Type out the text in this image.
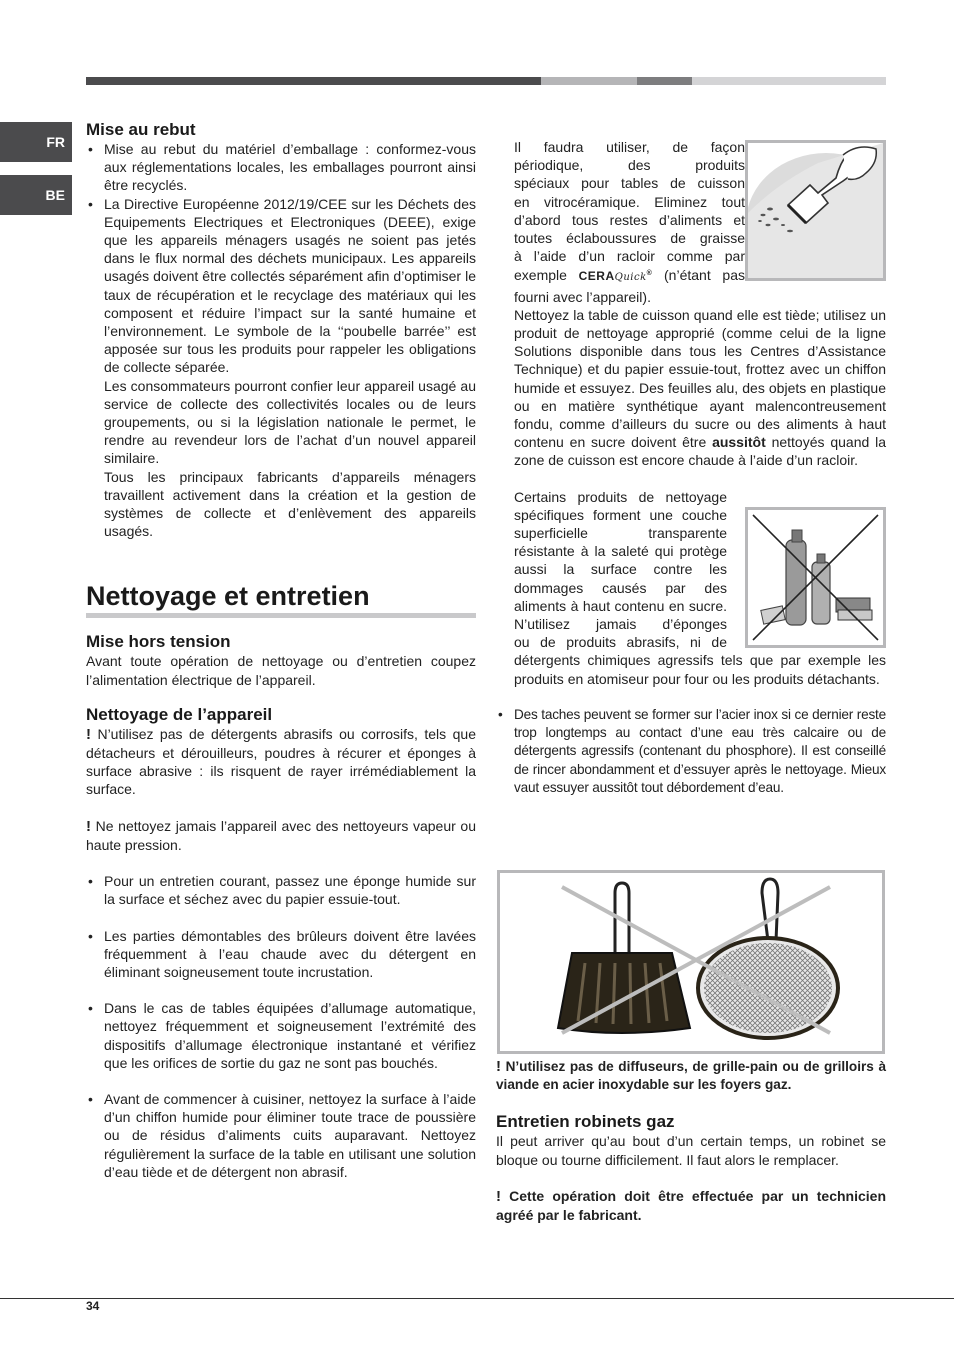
FR
BE
Mise au rebut
• Mise au rebut du matériel d’emballage : conformez-vous aux réglementations locales, les emballages pourront ainsi être recyclés.
• La Directive Européenne 2012/19/CEE sur les Déchets des Equipements Electriques et Electroniques (DEEE), exige que les appareils ménagers usagés ne soient pas jetés dans le flux normal des déchets municipaux. Les appareils usagés doivent être collectés séparément afin d’optimiser le taux de récupération et le recyclage des matériaux qui les composent et réduire l’impact sur la santé humaine et l’environnement. Le symbole de la ‘‘poubelle barrée’’ est apposée sur tous les produits pour rappeler les obligations de collecte séparée.
Les consommateurs pourront confier leur appareil usagé au service de collecte des collectivités locales ou de leurs groupements, ou si la législation nationale le permet, le rendre au revendeur lors de l’achat d’un nouvel appareil similaire.
Tous les principaux fabricants d’appareils ménagers travaillent activement dans la création et la gestion de systèmes de collecte et d’enlèvement des appareils usagés.
Nettoyage et entretien
Mise hors tension

Avant toute opération de nettoyage ou d’entretien coupez l’alimentation électrique de l’appareil.

Nettoyage de l’appareil

! N’utilisez pas de détergents abrasifs ou corrosifs, tels que détacheurs et dérouilleurs, poudres à récurer et éponges à surface abrasive : ils risquent de rayer irrémédiablement la surface.

! Ne nettoyez jamais l’appareil avec des nettoyeurs vapeur ou haute pression.

• Pour un entretien courant, passez une éponge humide sur la surface et séchez avec du papier essuie-tout.
• Les parties démontables des brûleurs doivent être lavées fréquemment à l’eau chaude avec du détergent en éliminant soigneusement toute incrustation.
• Dans le cas de tables équipées d’allumage automatique, nettoyez fréquemment et soigneusement l’extrémité des dispositifs d’allumage électronique instantané et vérifiez que les orifices de sortie du gaz ne sont pas bouchés.
• Avant de commencer à cuisiner, nettoyez la surface à l’aide d’un chiffon humide pour éliminer toute trace de poussière ou de résidus d’aliments cuits auparavant. Nettoyez régulièrement la surface de la table en utilisant une solution d’eau tiède et de détergent non abrasif.
Il faudra utiliser, de façon
périodique, des produits
spéciaux pour tables de cuisson
en vitrocéramique. Eliminez tout
d’abord tous restes d’aliments et
toutes éclaboussures de graisse
à l’aide d’un racloir comme par
exemple CERAQuick® (n’étant pas fourni avec l’appareil).

Nettoyez la table de cuisson quand elle est tiède; utilisez un produit de nettoyage approprié (comme celui de la ligne Solutions disponible dans tous les Centres d’Assistance Technique) et du papier essuie-tout, frottez avec un chiffon humide et essuyez. Des feuilles alu, des objets en plastique ou en matière synthétique ayant malencontreusement fondu, comme d’ailleurs du sucre ou des aliments à haut contenu en sucre doivent être aussitôt nettoyés quand la zone de cuisson est encore chaude à l’aide d’un racloir.

Certains produits de nettoyage
spécifiques forment une couche
superficielle transparente
résistante à la saleté qui protège
aussi la surface contre les
dommages causés par des
aliments à haut contenu en sucre.
N’utilisez jamais d’éponges
ou de produits abrasifs, ni de

détergents chimiques agressifs tels que par exemple les produits en atomiseur pour four ou les produits détachants.

• Des taches peuvent se former sur l’acier inox si ce dernier reste trop longtemps au contact d’une eau très calcaire ou de détergents agressifs (contenant du phosphore). Il est conseillé de rincer abondamment et d’essuyer après le nettoyage. Mieux vaut essuyer aussitôt tout débordement d’eau.

! N’utilisez pas de diffuseurs, de grille-pain ou de grilloirs à viande en acier inoxydable sur les foyers gaz.

Entretien robinets gaz

Il peut arriver qu’au bout d’un certain temps, un robinet se bloque ou tourne difficilement. Il faut alors le remplacer.

! Cette opération doit être effectuée par un technicien agréé par le fabricant.

34
